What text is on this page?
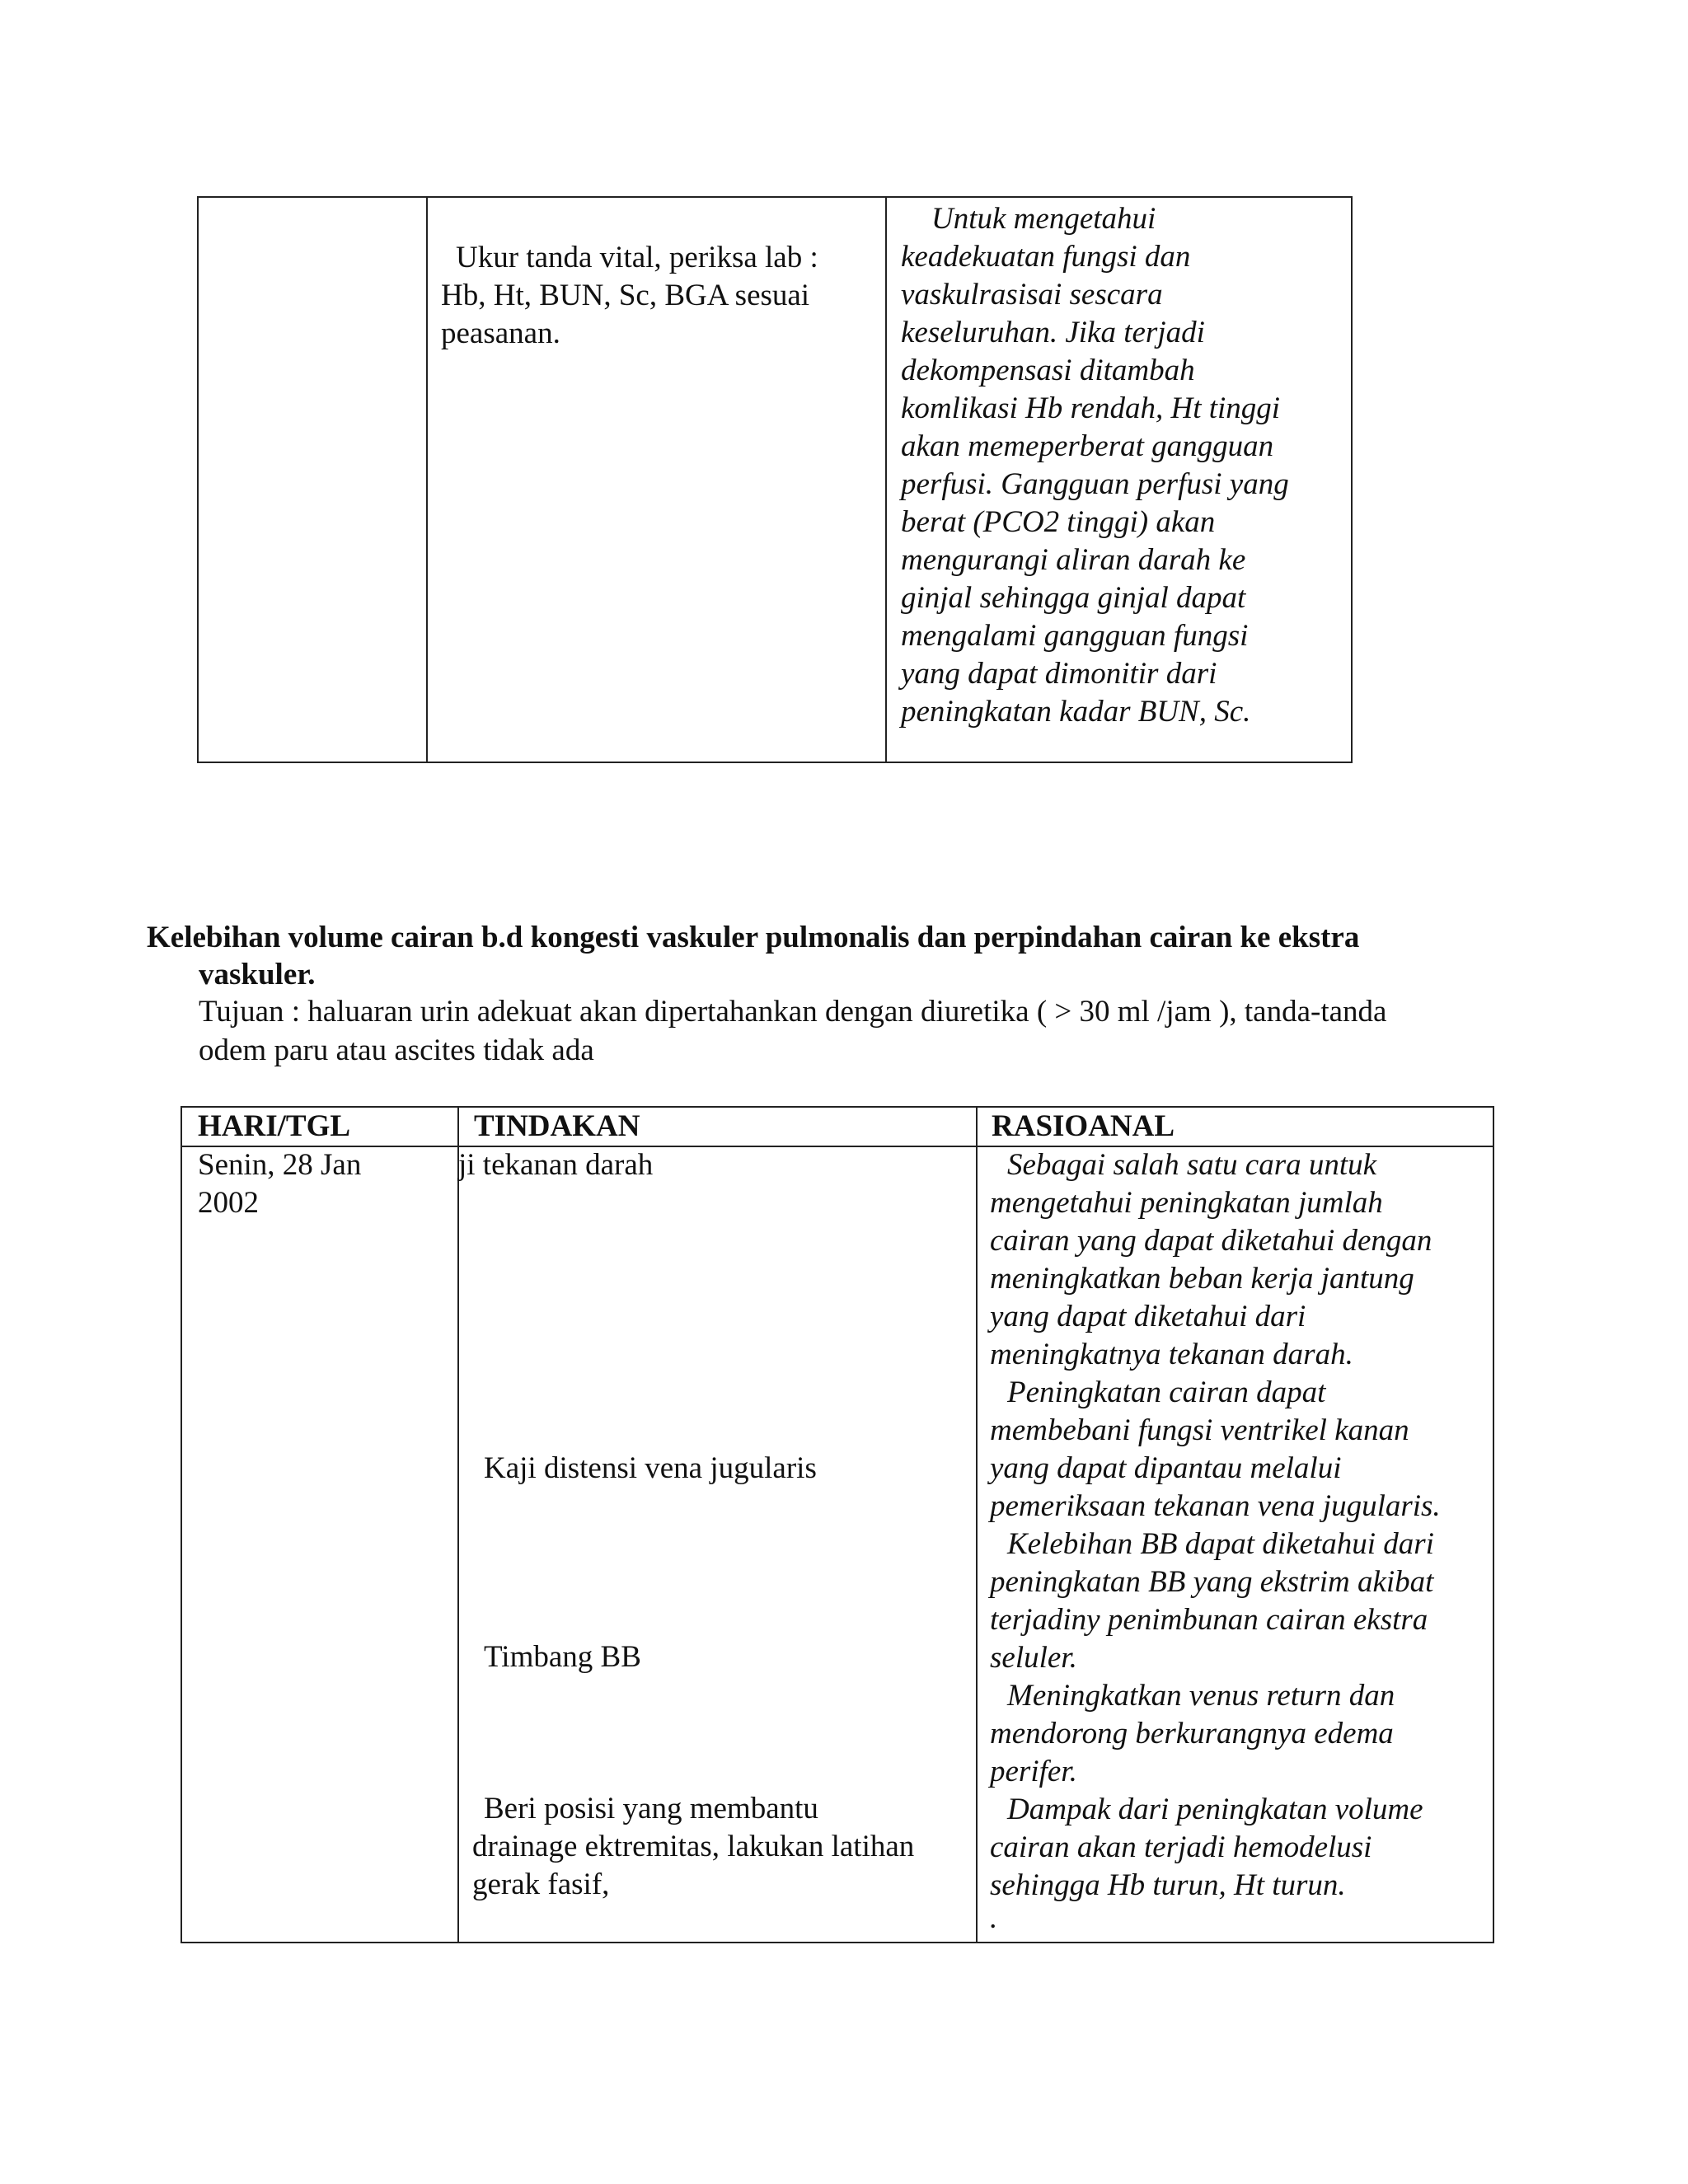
Ukur tanda vital, periksa lab :
Hb, Ht, BUN, Sc, BGA sesuai
peasanan.
Untuk mengetahui
keadekuatan fungsi dan
vaskulrasisai sescara
keseluruhan. Jika terjadi
dekompensasi ditambah
komlikasi Hb rendah, Ht tinggi
akan memeperberat gangguan
perfusi. Gangguan perfusi yang
berat (PCO2 tinggi) akan
mengurangi aliran darah ke
ginjal sehingga ginjal dapat
mengalami gangguan fungsi
yang dapat dimonitir dari
peningkatan kadar BUN, Sc.
Kelebihan volume cairan b.d kongesti vaskuler pulmonalis dan perpindahan cairan ke ekstra
vaskuler.
Tujuan : haluaran urin adekuat akan dipertahankan dengan diuretika ( > 30 ml /jam ), tanda-tanda
odem paru atau ascites tidak ada
HARI/TGL	TINDAKAN	RASIOANAL
Senin, 28 Jan
2002
ji tekanan darah
Kaji distensi vena jugularis
Timbang BB
Beri posisi yang membantu
drainage ektremitas, lakukan latihan
gerak fasif,
Sebagai salah satu cara untuk
mengetahui peningkatan jumlah
cairan yang dapat diketahui dengan
meningkatkan beban kerja jantung
yang dapat diketahui dari
meningkatnya tekanan darah.
Peningkatan cairan dapat
membebani fungsi ventrikel kanan
yang dapat dipantau melalui
pemeriksaan tekanan vena jugularis.
Kelebihan BB dapat diketahui dari
peningkatan BB yang ekstrim akibat
terjadiny penimbunan cairan ekstra
seluler.
Meningkatkan venus return dan
mendorong berkurangnya edema
perifer.
Dampak dari peningkatan volume
cairan akan terjadi hemodelusi
sehingga Hb turun, Ht turun.
.
